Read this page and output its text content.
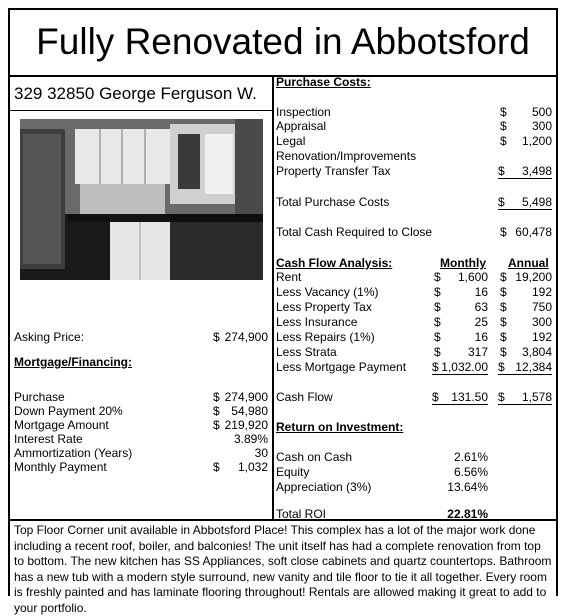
Fully Renovated in Abbotsford
329 32850 George Ferguson W.
Asking Price:	$ 274,900
Mortgage/Financing:
Purchase	$ 274,900
Down Payment 20%	$ 54,980
Mortgage Amount	$ 219,920
Interest Rate	3.89%
Ammortization (Years)	30
Monthly Payment	$	1,032
Purchase Costs:
Inspection	$	500
Appraisal	$	300
Legal	$	1,200
Renovation/Improvements
Property Transfer Tax	$ 3,498
Total Purchase Costs	$ 5,498
Total Cash Required to Close	$ 60,478
Cash Flow Analysis:	Monthly Annual
Rent	$	1,600 $ 19,200
Less Vacancy (1%)	$	16 $	192
Less Property Tax	$	63 $	750
Less Insurance	$	25 $	300
Less Repairs (1%)	$	16 $	192
Less Strata	$	317 $	3,804
Less Mortgage Payment $ 1,032.00 $ 12,384
Cash Flow	$ 131.50 $ 1,578
Return on Investment:
Cash on Cash	2.61%
Equity	6.56%
Appreciation (3%)	13.64%
Total ROI	22.81%
Top Floor Corner unit available in Abbotsford Place! This complex has a lot of the major work done including a recent roof, boiler, and balconies! The unit itself has had a complete renovation from top to bottom. The new kitchen has SS Appliances, soft close cabinets and quartz countertops. Bathroom has a new tub with a modern style surround, new vanity and tile floor to tie it all together. Every room is freshly painted and has laminate flooring throughout! Rentals are allowed making it great to add to your portfolio.
